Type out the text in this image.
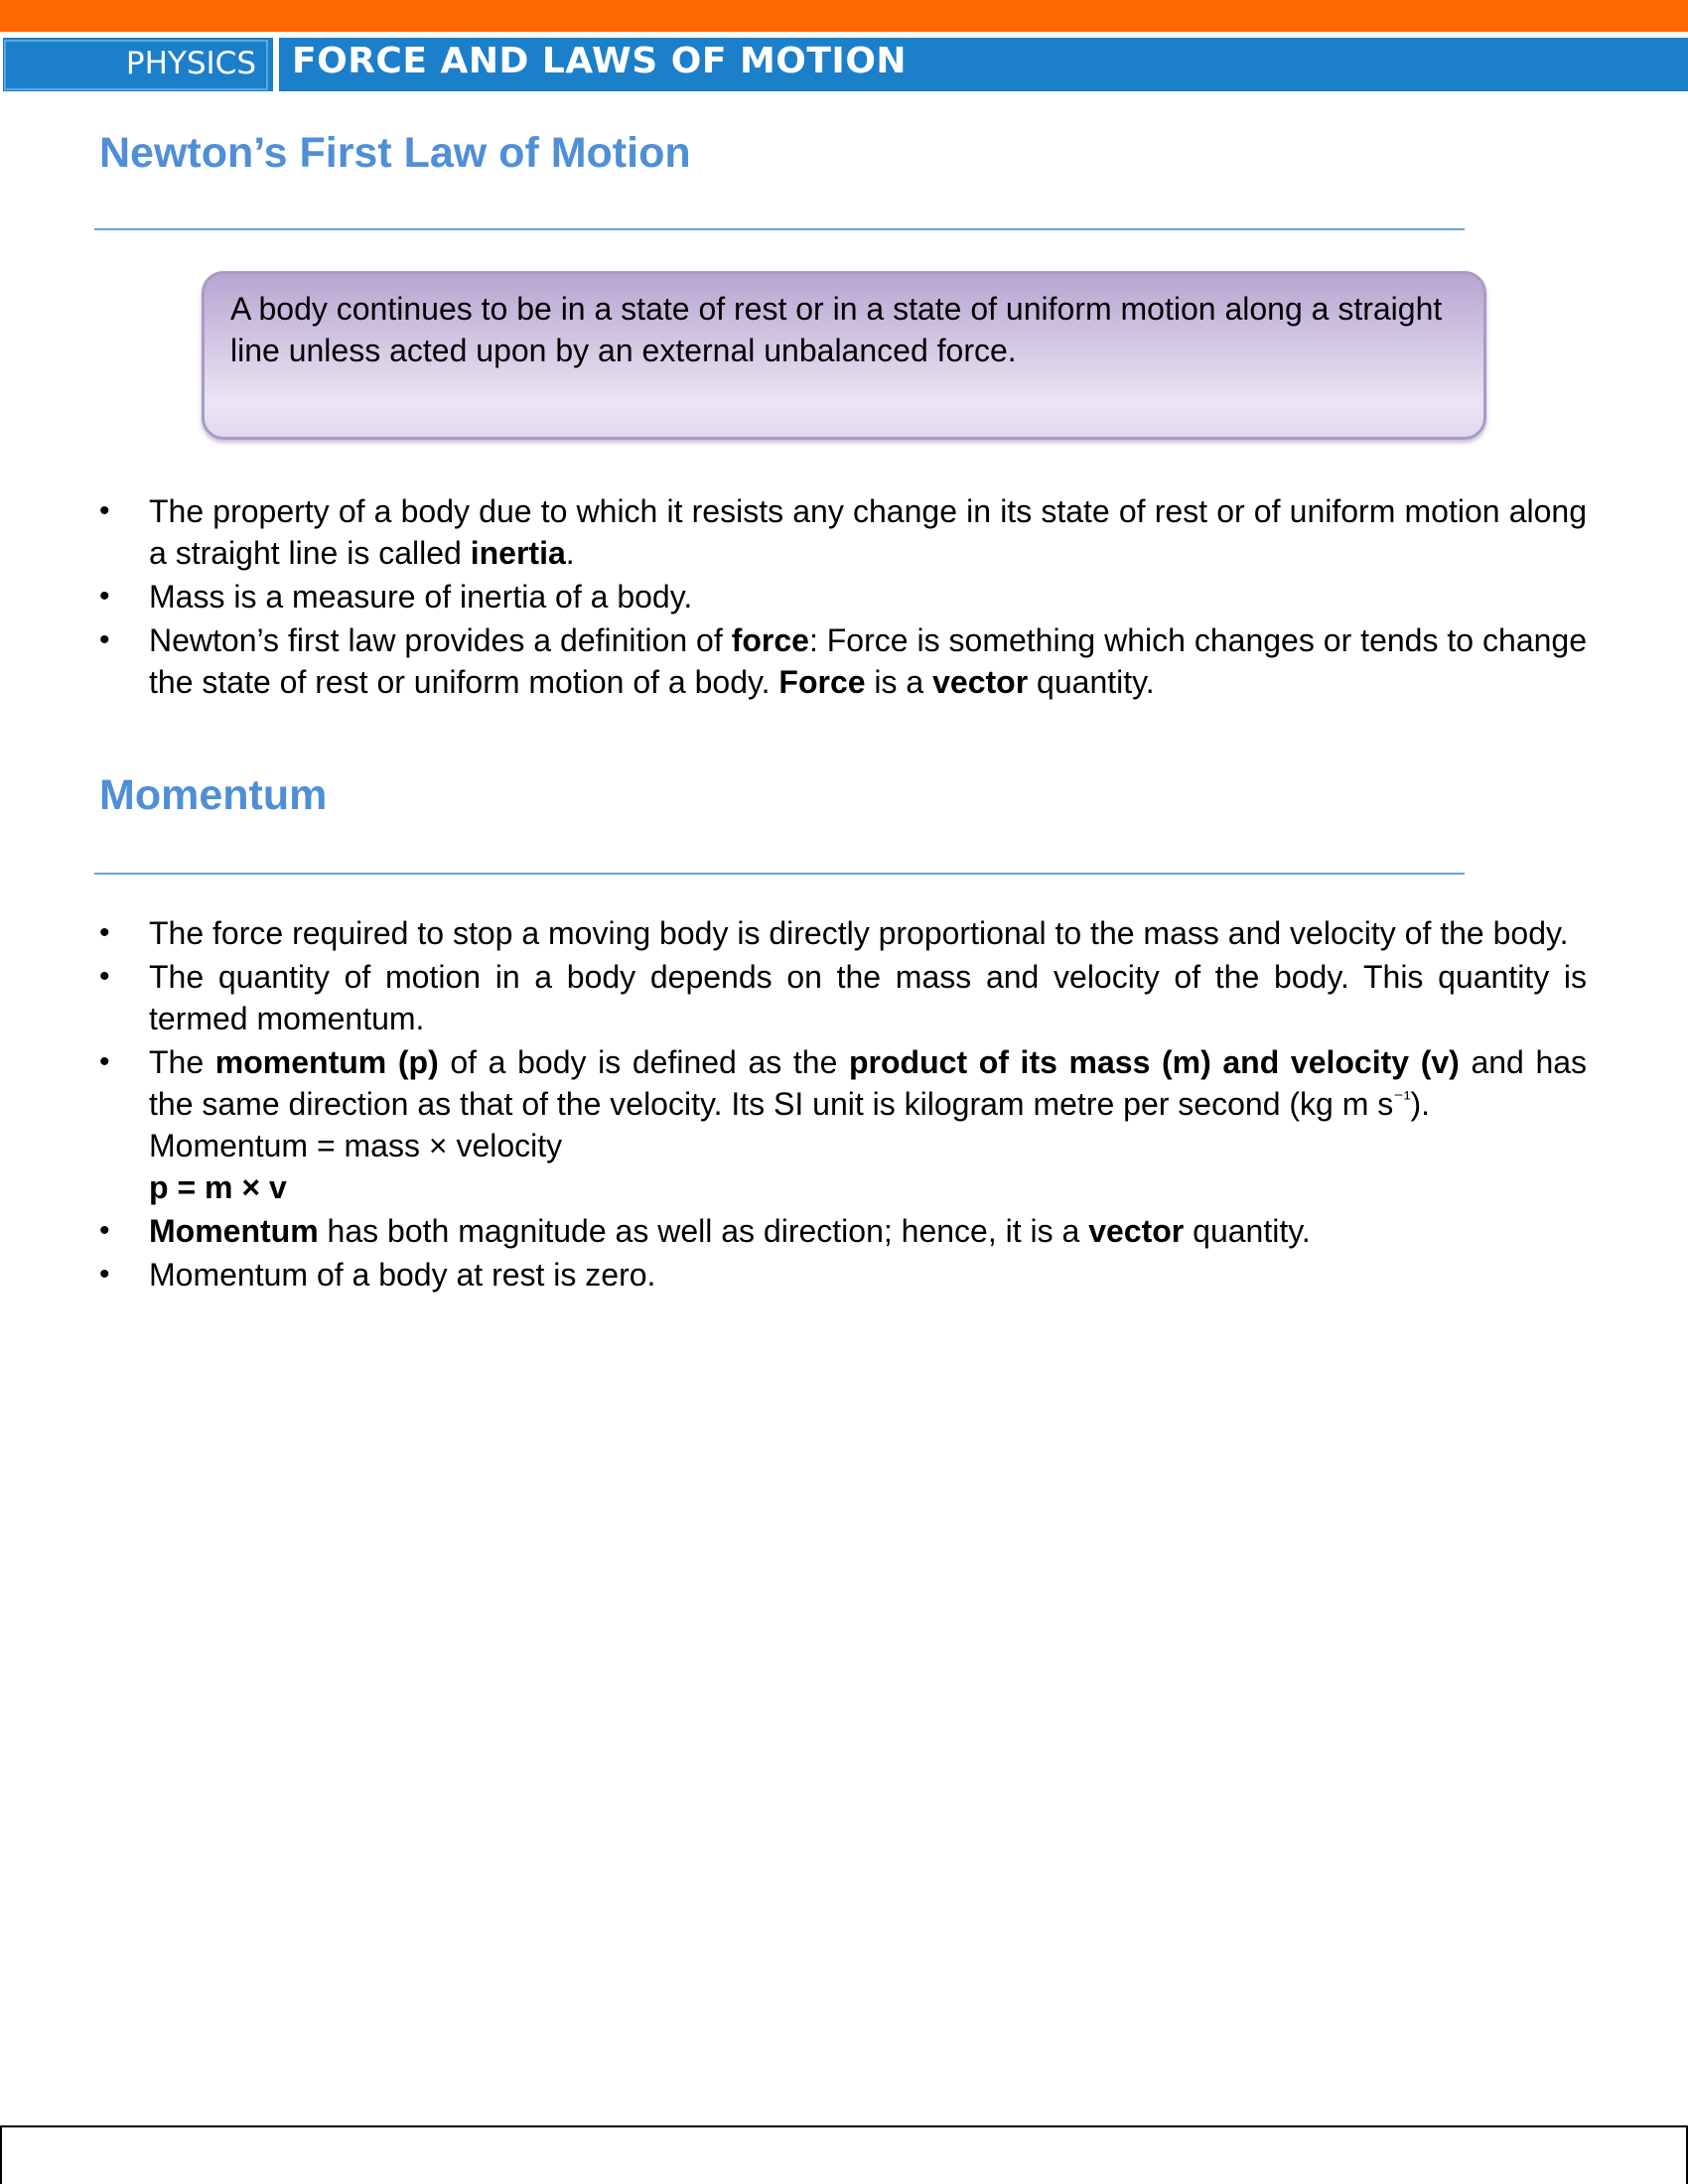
PHYSICS FORCE AND LAWS OF MOTION
Newton’s First Law of Motion

A body continues to be in a state of rest or in a state of uniform motion along a straight line unless acted upon by an external unbalanced force.

• The property of a body due to which it resists any change in its state of rest or of uniform motion along a straight line is called inertia.
• Mass is a measure of inertia of a body.
• Newton’s first law provides a definition of force: Force is something which changes or tends to change the state of rest or uniform motion of a body. Force is a vector quantity.
Momentum
• The force required to stop a moving body is directly proportional to the mass and velocity of the body.
• The quantity of motion in a body depends on the mass and velocity of the body. This quantity is termed momentum.
• The momentum (p) of a body is defined as the product of its mass (m) and velocity (v) and has the same direction as that of the velocity. Its SI unit is kilogram metre per second (kg m $s^{^{-1}}$).
Momentum = mass × velocity
p = m × v
• Momentum has both magnitude as well as direction; hence, it is a vector quantity.
• Momentum of a body at rest is zero.
